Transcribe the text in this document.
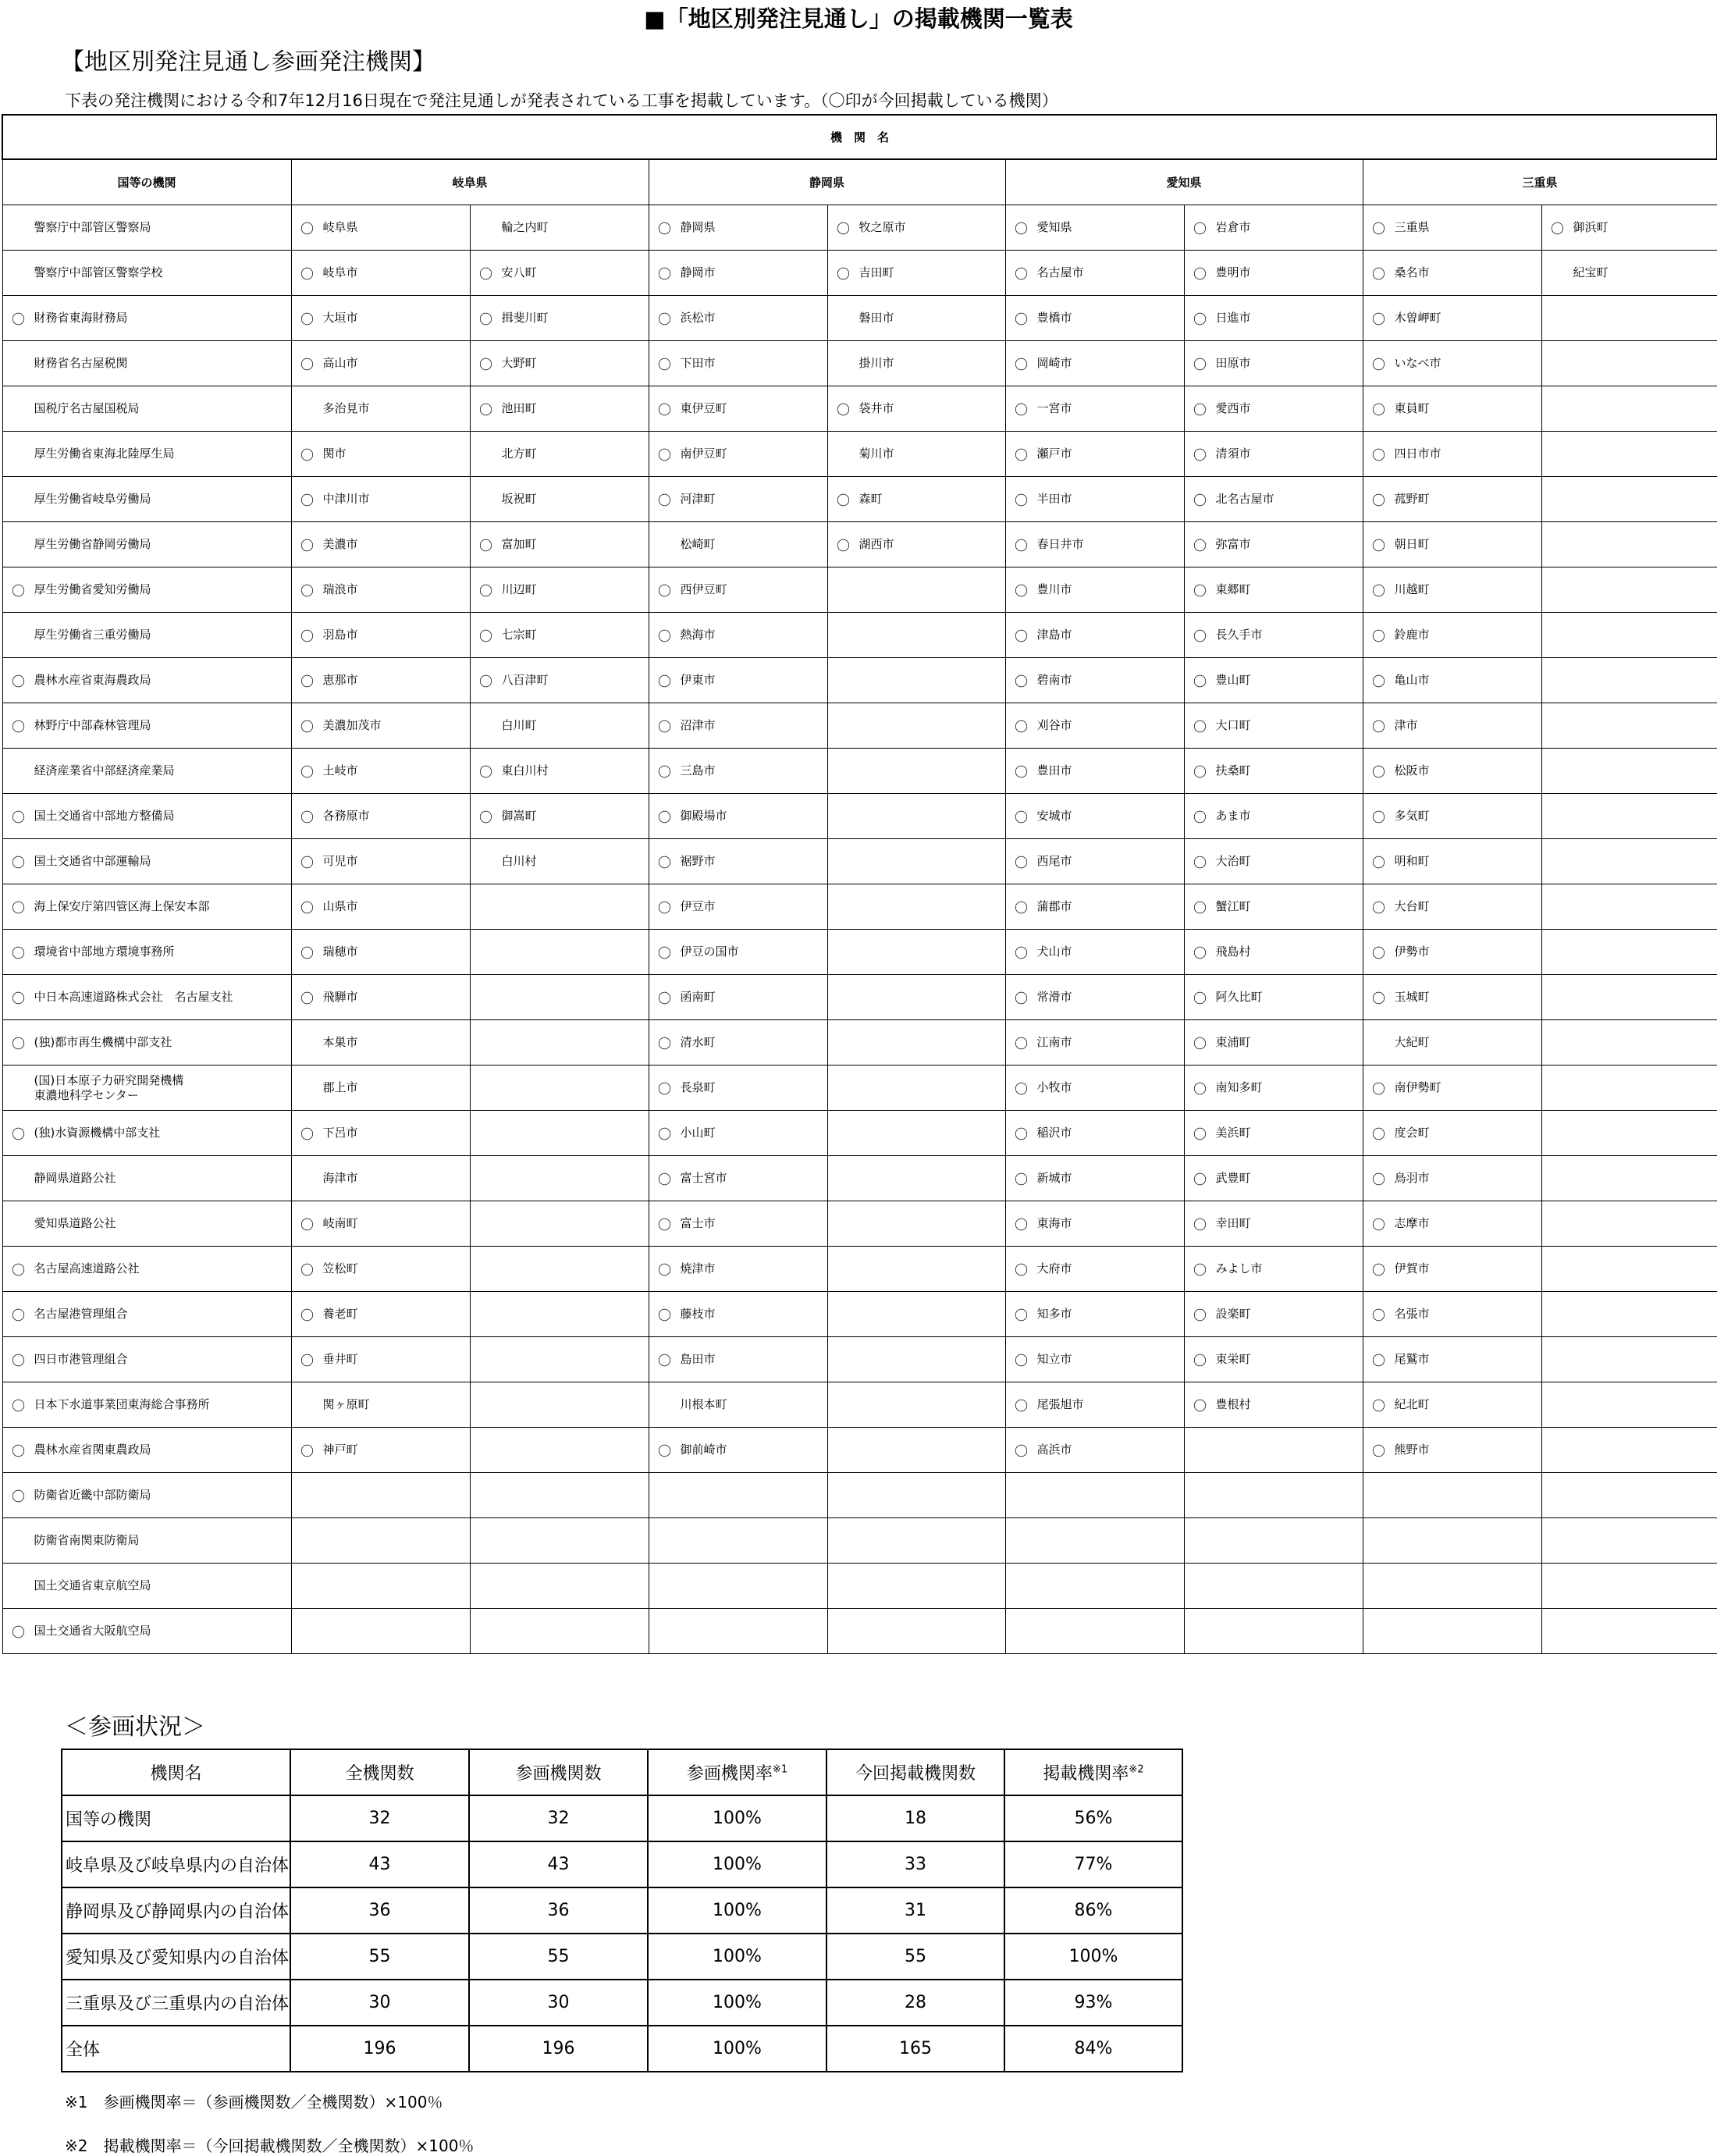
■「地区別発注見通し」の掲載機関一覧表
【地区別発注見通し参画発注機関】
下表の発注機関における令和7年12月16日現在で発注見通しが発表されている工事を掲載しています。（〇印が今回掲載している機関）
機　関　名								
国等の機関	岐阜県		静岡県		愛知県		三重県	

警察庁中部管区警察局	〇 岐阜県	輪之内町	〇 静岡県	〇 牧之原市	〇 愛知県	〇 岩倉市	〇 三重県	〇 御浜町

警察庁中部管区警察学校	〇 岐阜市	〇 安八町	〇 静岡市	〇 吉田町	〇 名古屋市	〇 豊明市	〇 桑名市	紀宝町

〇 財務省東海財務局	〇 大垣市	〇 揖斐川町	〇 浜松市	磐田市	〇 豊橋市	〇 日進市	〇 木曽岬町	

財務省名古屋税関	〇 高山市	〇 大野町	〇 下田市	掛川市	〇 岡崎市	〇 田原市	〇 いなべ市	

国税庁名古屋国税局	多治見市	〇 池田町	〇 東伊豆町	〇 袋井市	〇 一宮市	〇 愛西市	〇 東員町	

厚生労働省東海北陸厚生局	〇 関市	北方町	〇 南伊豆町	菊川市	〇 瀬戸市	〇 清須市	〇 四日市市	

厚生労働省岐阜労働局	〇 中津川市	坂祝町	〇 河津町	〇 森町	〇 半田市	〇 北名古屋市	〇 菰野町	

厚生労働省静岡労働局	〇 美濃市	〇 富加町	松崎町	〇 湖西市	〇 春日井市	〇 弥富市	〇 朝日町	

〇 厚生労働省愛知労働局	〇 瑞浪市	〇 川辺町	〇 西伊豆町		〇 豊川市	〇 東郷町	〇 川越町	

厚生労働省三重労働局	〇 羽島市	〇 七宗町	〇 熱海市		〇 津島市	〇 長久手市	〇 鈴鹿市	

〇 農林水産省東海農政局	〇 恵那市	〇 八百津町	〇 伊東市		〇 碧南市	〇 豊山町	〇 亀山市	

〇 林野庁中部森林管理局	〇 美濃加茂市	白川町	〇 沼津市		〇 刈谷市	〇 大口町	〇 津市	

経済産業省中部経済産業局	〇 土岐市	〇 東白川村	〇 三島市		〇 豊田市	〇 扶桑町	〇 松阪市	

〇 国土交通省中部地方整備局	〇 各務原市	〇 御嵩町	〇 御殿場市		〇 安城市	〇 あま市	〇 多気町	

〇 国土交通省中部運輸局	〇 可児市	白川村	〇 裾野市		〇 西尾市	〇 大治町	〇 明和町	

〇 海上保安庁第四管区海上保安本部	〇 山県市		〇 伊豆市		〇 蒲郡市	〇 蟹江町	〇 大台町	

〇 環境省中部地方環境事務所	〇 瑞穂市		〇 伊豆の国市		〇 犬山市	〇 飛島村	〇 伊勢市	

〇 中日本高速道路株式会社　名古屋支社	〇 飛騨市		〇 函南町		〇 常滑市	〇 阿久比町	〇 玉城町	

〇 (独)都市再生機構中部支社	本巣市		〇 清水町		〇 江南市	〇 東浦町	大紀町	

(国)日本原子力研究開発機構
東濃地科学センター	郡上市		〇 長泉町		〇 小牧市	〇 南知多町	〇 南伊勢町	

〇 (独)水資源機構中部支社	〇 下呂市		〇 小山町		〇 稲沢市	〇 美浜町	〇 度会町	

静岡県道路公社	海津市		〇 富士宮市		〇 新城市	〇 武豊町	〇 鳥羽市	

愛知県道路公社	〇 岐南町		〇 富士市		〇 東海市	〇 幸田町	〇 志摩市	

〇 名古屋高速道路公社	〇 笠松町		〇 焼津市		〇 大府市	〇 みよし市	〇 伊賀市	

〇 名古屋港管理組合	〇 養老町		〇 藤枝市		〇 知多市	〇 設楽町	〇 名張市	

〇 四日市港管理組合	〇 垂井町		〇 島田市		〇 知立市	〇 東栄町	〇 尾鷲市	

〇 日本下水道事業団東海総合事務所	関ヶ原町		川根本町		〇 尾張旭市	〇 豊根村	〇 紀北町	

〇 農林水産省関東農政局	〇 神戸町		〇 御前崎市		〇 高浜市		〇 熊野市	

〇 防衛省近畿中部防衛局								

防衛省南関東防衛局								

国土交通省東京航空局								

〇 国土交通省大阪航空局								

＜参画状況＞
機関名	全機関数	参画機関数	参画機関率$^{※1}$	今回掲載機関数	掲載機関率$^{※2}$
国等の機関	32	32	100%	18	56%
岐阜県及び岐阜県内の自治体	43	43	100%	33	77%
静岡県及び静岡県内の自治体	36	36	100%	31	86%
愛知県及び愛知県内の自治体	55	55	100%	55	100%
三重県及び三重県内の自治体	30	30	100%	28	93%
全体	196	196	100%	165	84%
※1　参画機関率＝（参画機関数／全機関数）×100％
※2　掲載機関率＝（今回掲載機関数／全機関数）×100％
